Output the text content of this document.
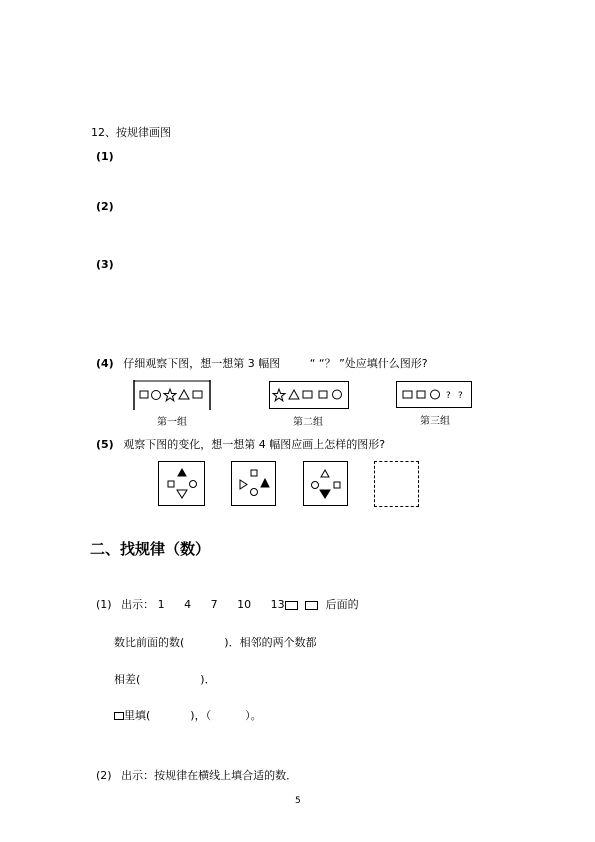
12、按规律画图
(1)
(2)
(3)
(4) 仔细观察下图，想一想第 3 幅图	“ “？ ”处应填什么图形?
第一组	第二组
? ?
第三组
(5) 观察下图的变化，想一想第 4 幅图应画上怎样的图形?
二、找规律（数）
(1) 出示： 1 4 7 10 13	后面的
数比前面的数(	)．相邻的两个数都
相差(	)．
里填(	)，（	）。
(2) 出示：按规律在横线上填合适的数．
5
